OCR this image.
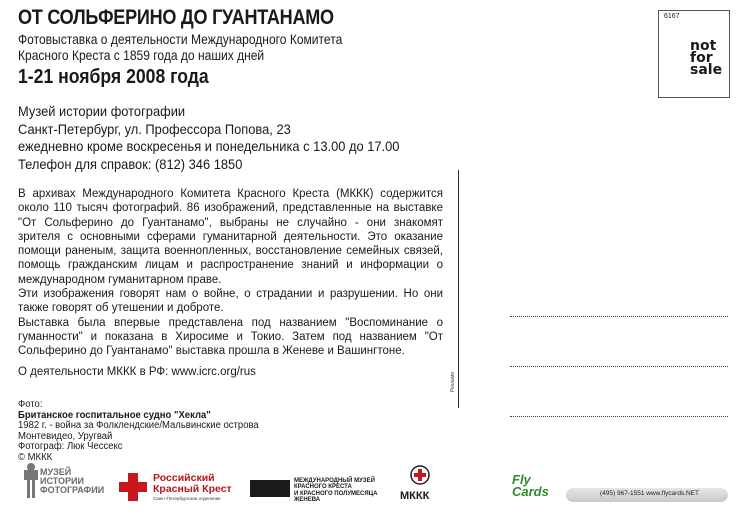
ОТ СОЛЬФЕРИНО ДО ГУАНТАНАМО
Фотовыставка о деятельности Международного Комитета
Красного Креста с 1859 года до наших дней
1-21 ноября 2008 года
Музей истории фотографии
Санкт-Петербург, ул. Профессора Попова, 23
ежедневно кроме воскресенья и понедельника с 13.00 до 17.00
Телефон для справок: (812) 346 1850
6167
not
for
sale

В архивах Международного Комитета Красного Креста (МККК) содержится около 110 тысяч фотографий. 86 изображений, представленные на выставке "От Сольферино до Гуантанамо", выбраны не случайно - они знакомят зрителя с основными сферами гуманитарной деятельности. Это оказание помощи раненым, защита военнопленных, восстановление семейных связей, помощь гражданским лицам и распространение знаний и информации о международном гуманитарном праве.

Эти изображения говорят нам о войне, о страдании и разрушении. Но они также говорят об утешении и доброте.

Выставка была впервые представлена под названием "Воспоминание о гуманности" и показана в Хиросиме и Токио. Затем под названием "От Сольферино до Гуантанамо" выставка прошла в Женеве и Вашингтоне.

О деятельности МККК в РФ: www.icrc.org/rus

Реклама
Фото:
Британское госпитальное судно "Хекла"
1982 г. - война за Фолклендские/Мальвинские острова
Монтевидео, Уругвай
Фотограф: Люк Чессекс
© МККК
МУЗЕЙ
ИСТОРИИ
ФОТОГРАФИИ
Российский
Красный Крест
Санкт-Петербургское отделение
МЕЖДУНАРОДНЫЙ МУЗЕЙ
КРАСНОГО КРЕСТА
И КРАСНОГО ПОЛУМЕСЯЦА
ЖЕНЕВА	МККК
Fly
Cards	(495) 967-1551 www.flycards.NET
